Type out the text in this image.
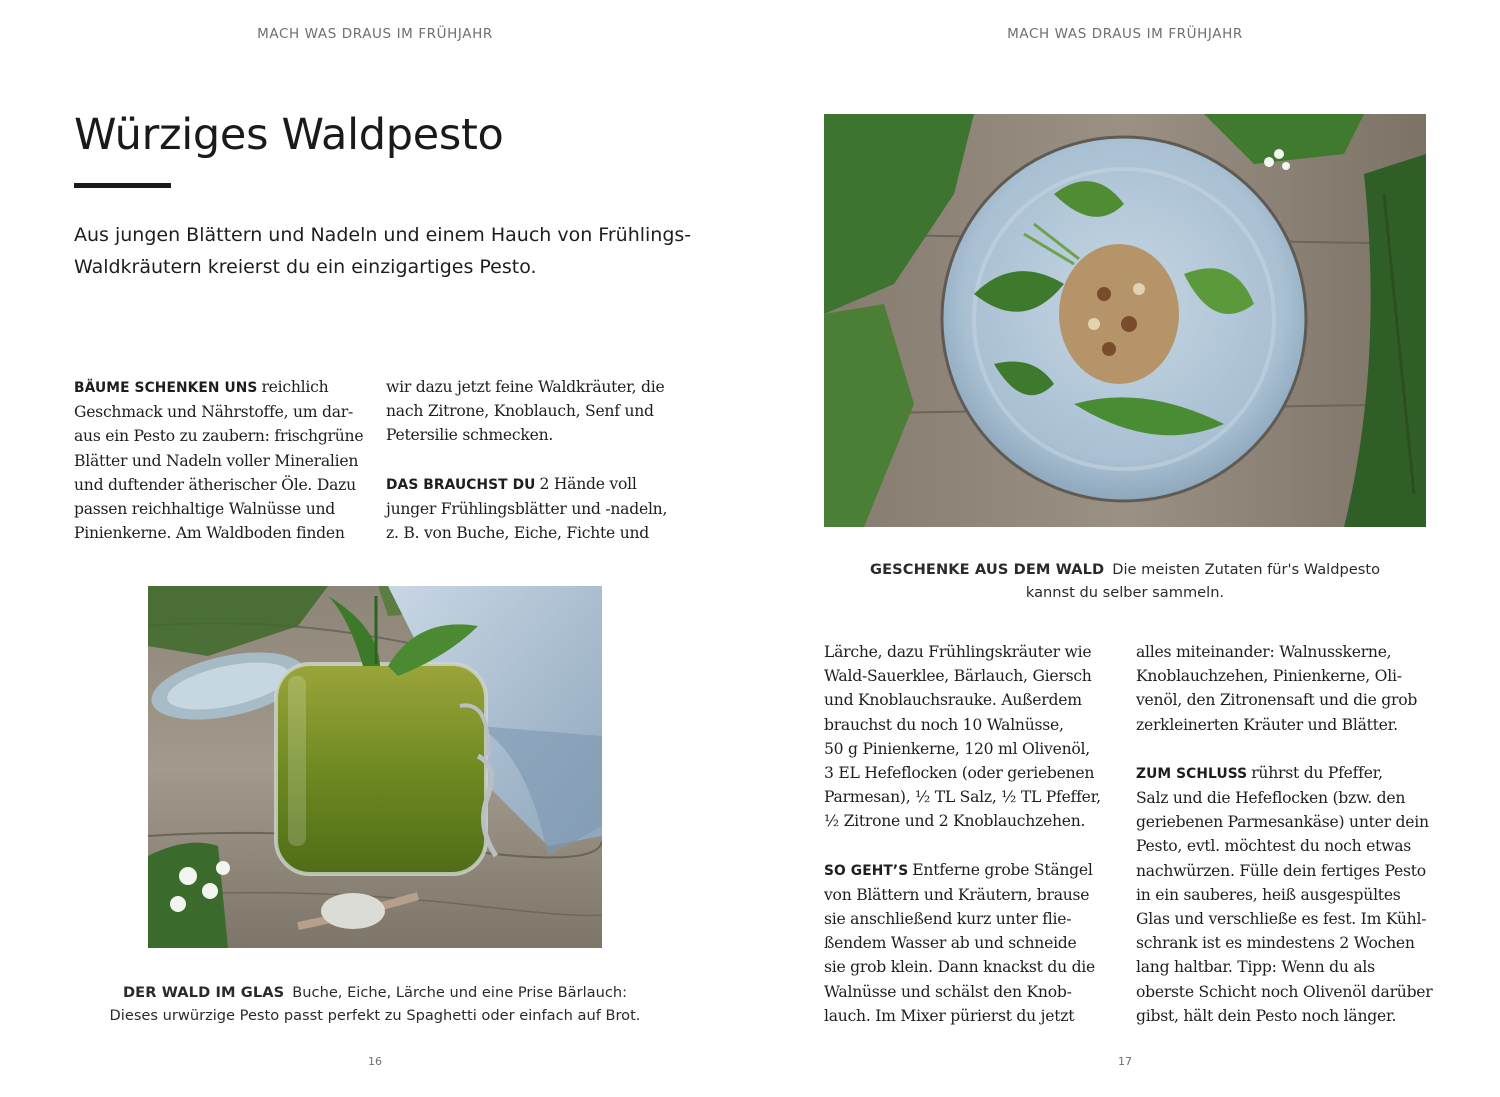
MACH WAS DRAUS IM FRÜHJAHR
Würziges Waldpesto

Aus jungen Blättern und Nadeln und einem Hauch von Frühlings-Waldkräutern kreierst du ein einzigartiges Pesto.

BÄUME SCHENKEN UNS reichlich
Geschmack und Nährstoffe, um dar-
aus ein Pesto zu zaubern: frischgrüne
Blätter und Nadeln voller Mineralien
und duftender ätherischer Öle. Dazu
passen reichhaltige Walnüsse und
Pinienkerne. Am Waldboden finden
wir dazu jetzt feine Waldkräuter, die
nach Zitrone, Knoblauch, Senf und
Petersilie schmecken.
DAS BRAUCHST DU 2 Hände voll
junger Frühlingsblätter und -nadeln,
z. B. von Buche, Eiche, Fichte und
DER WALD IM GLAS Buche, Eiche, Lärche und eine Prise Bärlauch:
Dieses urwürzige Pesto passt perfekt zu Spaghetti oder einfach auf Brot.
16
MACH WAS DRAUS IM FRÜHJAHR
GESCHENKE AUS DEM WALD Die meisten Zutaten für's Waldpesto
kannst du selber sammeln.
Lärche, dazu Frühlingskräuter wie
Wald-Sauerklee, Bärlauch, Giersch
und Knoblauchsrauke. Außerdem
brauchst du noch 10 Walnüsse,
50 g Pinienkerne, 120 ml Olivenöl,
3 EL Hefeflocken (oder geriebenen
Parmesan), ½ TL Salz, ½ TL Pfeffer,
½ Zitrone und 2 Knoblauchzehen.
SO GEHT’S Entferne grobe Stängel
von Blättern und Kräutern, brause
sie anschließend kurz unter flie-
ßendem Wasser ab und schneide
sie grob klein. Dann knackst du die
Walnüsse und schälst den Knob-
lauch. Im Mixer pürierst du jetzt
alles miteinander: Walnusskerne,
Knoblauchzehen, Pinienkerne, Oli-
venöl, den Zitronensaft und die grob
zerkleinerten Kräuter und Blätter.
ZUM SCHLUSS rührst du Pfeffer,
Salz und die Hefeflocken (bzw. den
geriebenen Parmesankäse) unter dein
Pesto, evtl. möchtest du noch etwas
nachwürzen. Fülle dein fertiges Pesto
in ein sauberes, heiß ausgespültes
Glas und verschließe es fest. Im Kühl-
schrank ist es mindestens 2 Wochen
lang haltbar. Tipp: Wenn du als
oberste Schicht noch Olivenöl darüber
gibst, hält dein Pesto noch länger.
17
